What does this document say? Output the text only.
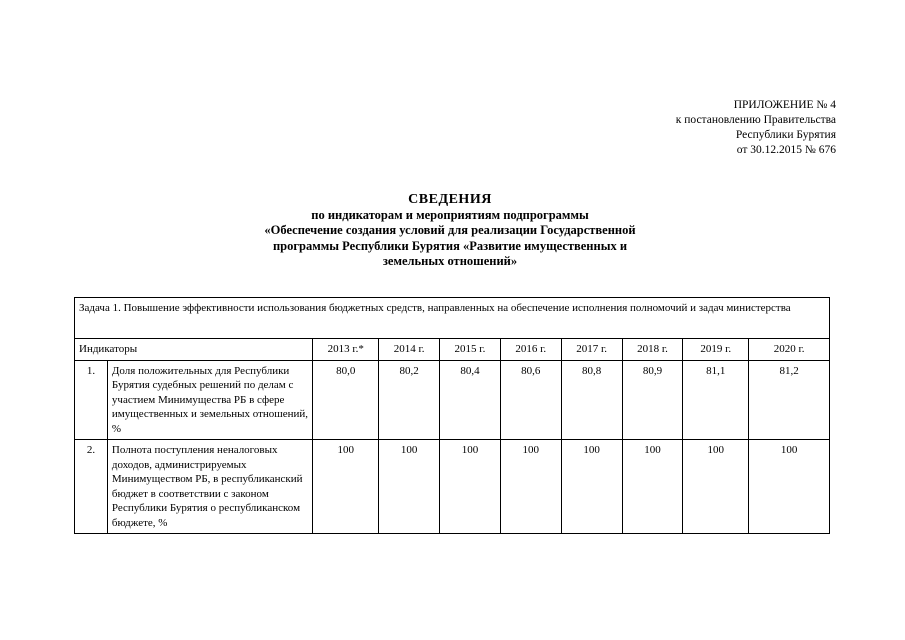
ПРИЛОЖЕНИЕ № 4
к постановлению Правительства
Республики Бурятия
от 30.12.2015 № 676
СВЕДЕНИЯ
по индикаторам и мероприятиям подпрограммы
«Обеспечение создания условий для реализации Государственной
программы Республики Бурятия «Развитие имущественных и
земельных отношений»
Задача 1. Повышение эффективности использования бюджетных средств, направленных на обеспечение исполнения полномочий и задач министерства									
Индикаторы		2013 г.*	2014 г.	2015 г.	2016 г.	2017 г.	2018 г.	2019 г.	2020 г.
1.	Доля положительных для Республики Бурятия судебных решений по делам с участием Минимущества РБ в сфере имущественных и земельных отношений, %	80,0	80,2	80,4	80,6	80,8	80,9	81,1	81,2
2.	Полнота поступления неналоговых доходов, администрируемых Минимуществом РБ, в республиканский бюджет в соответствии с законом Республики Бурятия о республиканском бюджете, %	100	100	100	100	100	100	100	100
